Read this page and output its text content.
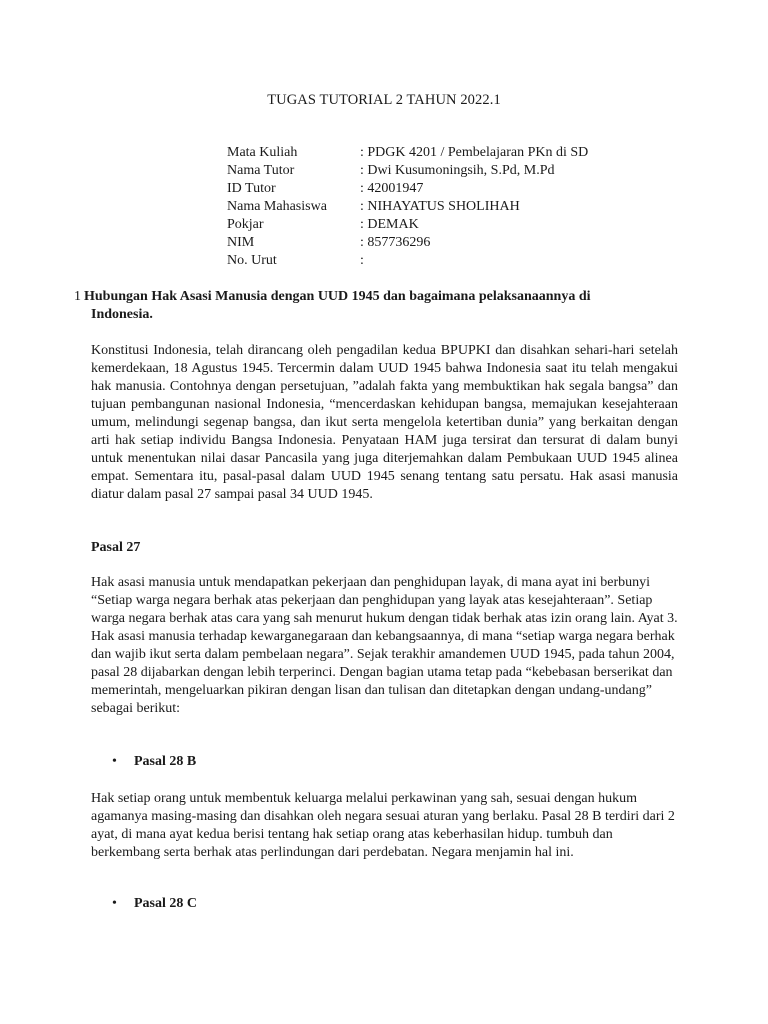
TUGAS TUTORIAL 2 TAHUN 2022.1
Mata Kuliah	: PDGK 4201 / Pembelajaran PKn di SD
Nama Tutor	: Dwi Kusumoningsih, S.Pd, M.Pd
ID Tutor	: 42001947
Nama Mahasiswa : NIHAYATUS SHOLIHAH
Pokjar	: DEMAK
NIM	: 857736296
No. Urut	:
1 Hubungan Hak Asasi Manusia dengan UUD 1945 dan bagaimana pelaksanaannya di
Indonesia.
Konstitusi Indonesia, telah dirancang oleh pengadilan kedua BPUPKI dan disahkan sehari-hari setelah kemerdekaan, 18 Agustus 1945. Tercermin dalam UUD 1945 bahwa Indonesia saat itu telah mengakui hak manusia. Contohnya dengan persetujuan, ”adalah fakta yang membuktikan hak segala bangsa” dan tujuan pembangunan nasional Indonesia, “mencerdaskan kehidupan bangsa, memajukan kesejahteraan umum, melindungi segenap bangsa, dan ikut serta mengelola ketertiban dunia” yang berkaitan dengan arti hak setiap individu Bangsa Indonesia. Penyataan HAM juga tersirat dan tersurat di dalam bunyi untuk menentukan nilai dasar Pancasila yang juga diterjemahkan dalam Pembukaan UUD 1945 alinea empat. Sementara itu, pasal-pasal dalam UUD 1945 senang tentang satu persatu. Hak asasi manusia diatur dalam pasal 27 sampai pasal 34 UUD 1945.
Pasal 27
Hak asasi manusia untuk mendapatkan pekerjaan dan penghidupan layak, di mana ayat ini berbunyi “Setiap warga negara berhak atas pekerjaan dan penghidupan yang layak atas kesejahteraan”. Setiap warga negara berhak atas cara yang sah menurut hukum dengan tidak berhak atas izin orang lain. Ayat 3. Hak asasi manusia terhadap kewarganegaraan dan kebangsaannya, di mana “setiap warga negara berhak dan wajib ikut serta dalam pembelaan negara”. Sejak terakhir amandemen UUD 1945, pada tahun 2004, pasal 28 dijabarkan dengan lebih terperinci. Dengan bagian utama tetap pada “kebebasan berserikat dan memerintah, mengeluarkan pikiran dengan lisan dan tulisan dan ditetapkan dengan undang-undang” sebagai berikut:
• Pasal 28 B
Hak setiap orang untuk membentuk keluarga melalui perkawinan yang sah, sesuai dengan hukum agamanya masing-masing dan disahkan oleh negara sesuai aturan yang berlaku. Pasal 28 B terdiri dari 2 ayat, di mana ayat kedua berisi tentang hak setiap orang atas keberhasilan hidup. tumbuh dan berkembang serta berhak atas perlindungan dari perdebatan. Negara menjamin hal ini.
• Pasal 28 C
